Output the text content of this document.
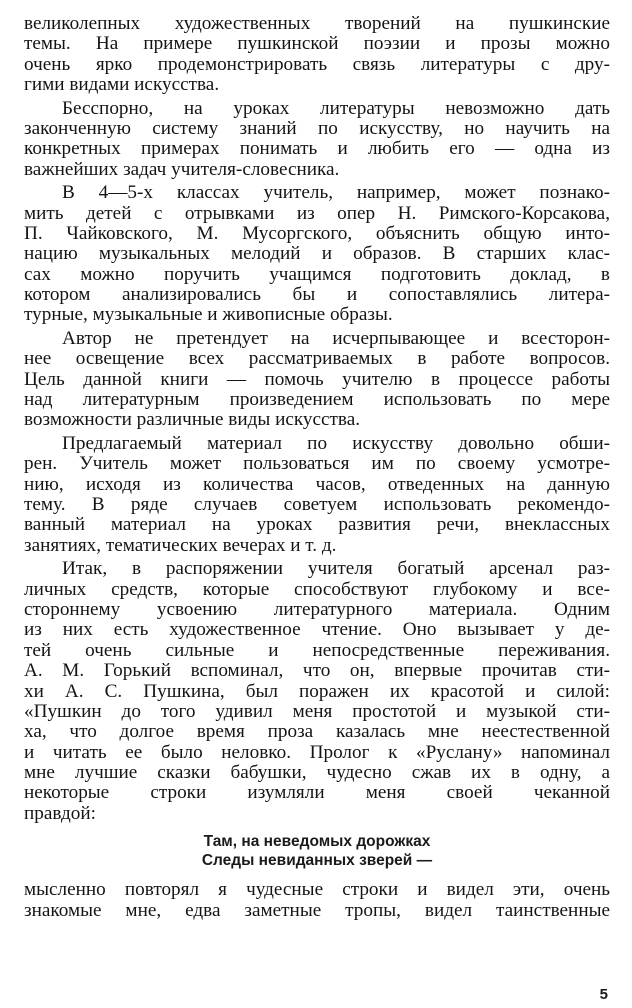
великолепных художественных творений на пушкинские
темы. На примере пушкинской поэзии и прозы можно
очень ярко продемонстрировать связь литературы с дру-
гими видами искусства.
Бесспорно, на уроках литературы невозможно дать
законченную систему знаний по искусству, но научить на
конкретных примерах понимать и любить его — одна из
важнейших задач учителя-словесника.
В 4—5-х классах учитель, например, может познако-
мить детей с отрывками из опер Н. Римского-Корсакова,
П. Чайковского, М. Мусоргского, объяснить общую инто-
нацию музыкальных мелодий и образов. В старших клас-
сах можно поручить учащимся подготовить доклад, в
котором анализировались бы и сопоставлялись литера-
турные, музыкальные и живописные образы.
Автор не претендует на исчерпывающее и всесторон-
нее освещение всех рассматриваемых в работе вопросов.
Цель данной книги — помочь учителю в процессе работы
над литературным произведением использовать по мере
возможности различные виды искусства.
Предлагаемый материал по искусству довольно обши-
рен. Учитель может пользоваться им по своему усмотре-
нию, исходя из количества часов, отведенных на данную
тему. В ряде случаев советуем использовать рекомендо-
ванный материал на уроках развития речи, внеклассных
занятиях, тематических вечерах и т. д.
Итак, в распоряжении учителя богатый арсенал раз-
личных средств, которые способствуют глубокому и все-
стороннему усвоению литературного материала. Одним
из них есть художественное чтение. Оно вызывает у де-
тей очень сильные и непосредственные переживания.
А. М. Горький вспоминал, что он, впервые прочитав сти-
хи А. С. Пушкина, был поражен их красотой и силой:
«Пушкин до того удивил меня простотой и музыкой сти-
ха, что долгое время проза казалась мне неестественной
и читать ее было неловко. Пролог к «Руслану» напоминал
мне лучшие сказки бабушки, чудесно сжав их в одну, а
некоторые строки изумляли меня своей чеканной
правдой:
Там, на неведомых дорожках
Следы невиданных зверей —
мысленно повторял я чудесные строки и видел эти, очень
знакомые мне, едва заметные тропы, видел таинственные
5
